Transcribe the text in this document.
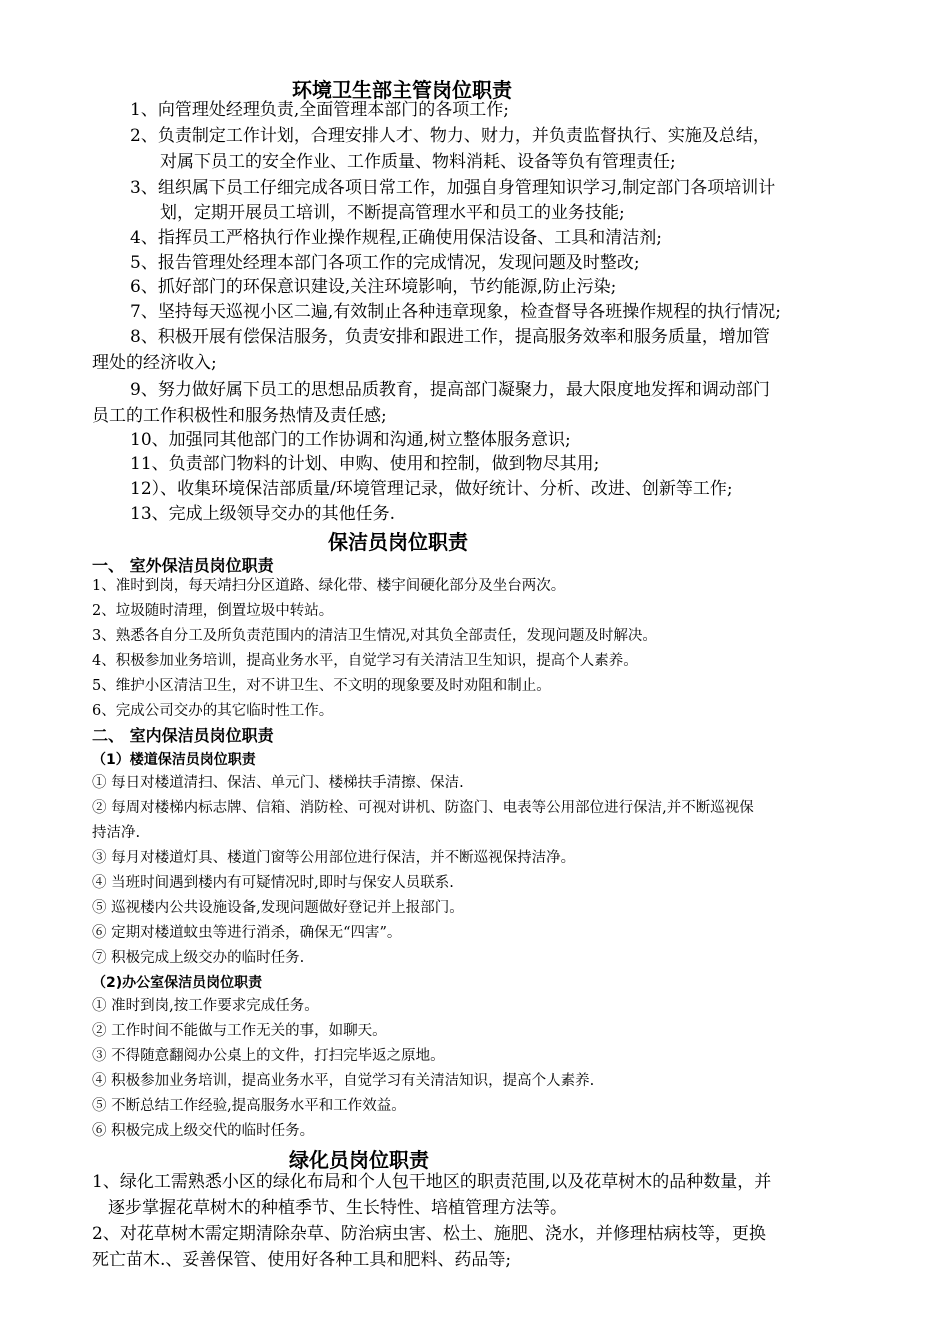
环境卫生部主管岗位职责
1、向管理处经理负责,全面管理本部门的各项工作;
2、负责制定工作计划，合理安排人才、物力、财力，并负责监督执行、实施及总结，
对属下员工的安全作业、工作质量、物料消耗、设备等负有管理责任;
3、组织属下员工仔细完成各项日常工作，加强自身管理知识学习,制定部门各项培训计
划，定期开展员工培训，不断提高管理水平和员工的业务技能;
4、指挥员工严格执行作业操作规程,正确使用保洁设备、工具和清洁剂;
5、报告管理处经理本部门各项工作的完成情况，发现问题及时整改;
6、抓好部门的环保意识建设,关注环境影响，节约能源,防止污染;
7、坚持每天巡视小区二遍,有效制止各种违章现象，检查督导各班操作规程的执行情况;
8、积极开展有偿保洁服务，负责安排和跟进工作，提高服务效率和服务质量，增加管
理处的经济收入;
9、努力做好属下员工的思想品质教育，提高部门凝聚力，最大限度地发挥和调动部门
员工的工作积极性和服务热情及责任感;
10、加强同其他部门的工作协调和沟通,树立整体服务意识;
11、负责部门物料的计划、申购、使用和控制，做到物尽其用;
12）、收集环境保洁部质量/环境管理记录，做好统计、分析、改进、创新等工作;
13、完成上级领导交办的其他任务.
保洁员岗位职责
一、 室外保洁员岗位职责
1、准时到岗，每天靖扫分区道路、绿化带、楼宇间硬化部分及坐台两次。
2、垃圾随时清理，倒置垃圾中转站。
3、熟悉各自分工及所负责范围内的清洁卫生情况,对其负全部责任，发现问题及时解决。
4、积极参加业务培训，提高业务水平，自觉学习有关清洁卫生知识，提高个人素养。
5、维护小区清洁卫生，对不讲卫生、不文明的现象要及时劝阻和制止。
6、完成公司交办的其它临时性工作。
二、 室内保洁员岗位职责
（1）楼道保洁员岗位职责
① 每日对楼道清扫、保洁、单元门、楼梯扶手清擦、保洁.
② 每周对楼梯内标志牌、信箱、消防栓、可视对讲机、防盗门、电表等公用部位进行保洁,并不断巡视保
持洁净.
③ 每月对楼道灯具、楼道门窗等公用部位进行保洁，并不断巡视保持洁净。
④ 当班时间遇到楼内有可疑情况时,即时与保安人员联系.
⑤ 巡视楼内公共设施设备,发现问题做好登记并上报部门。
⑥ 定期对楼道蚊虫等进行消杀，确保无“四害”。
⑦ 积极完成上级交办的临时任务.
（2)办公室保洁员岗位职责
① 准时到岗,按工作要求完成任务。
② 工作时间不能做与工作无关的事，如聊天。
③ 不得随意翻阅办公桌上的文件，打扫完毕返之原地。
④ 积极参加业务培训，提高业务水平，自觉学习有关清洁知识，提高个人素养.
⑤ 不断总结工作经验,提高服务水平和工作效益。
⑥ 积极完成上级交代的临时任务。
绿化员岗位职责
1、绿化工需熟悉小区的绿化布局和个人包干地区的职责范围,以及花草树木的品种数量，并
逐步掌握花草树木的种植季节、生长特性、培植管理方法等。
2、对花草树木需定期清除杂草、防治病虫害、松土、施肥、浇水，并修理枯病枝等，更换
死亡苗木.、妥善保管、使用好各种工具和肥料、药品等;
